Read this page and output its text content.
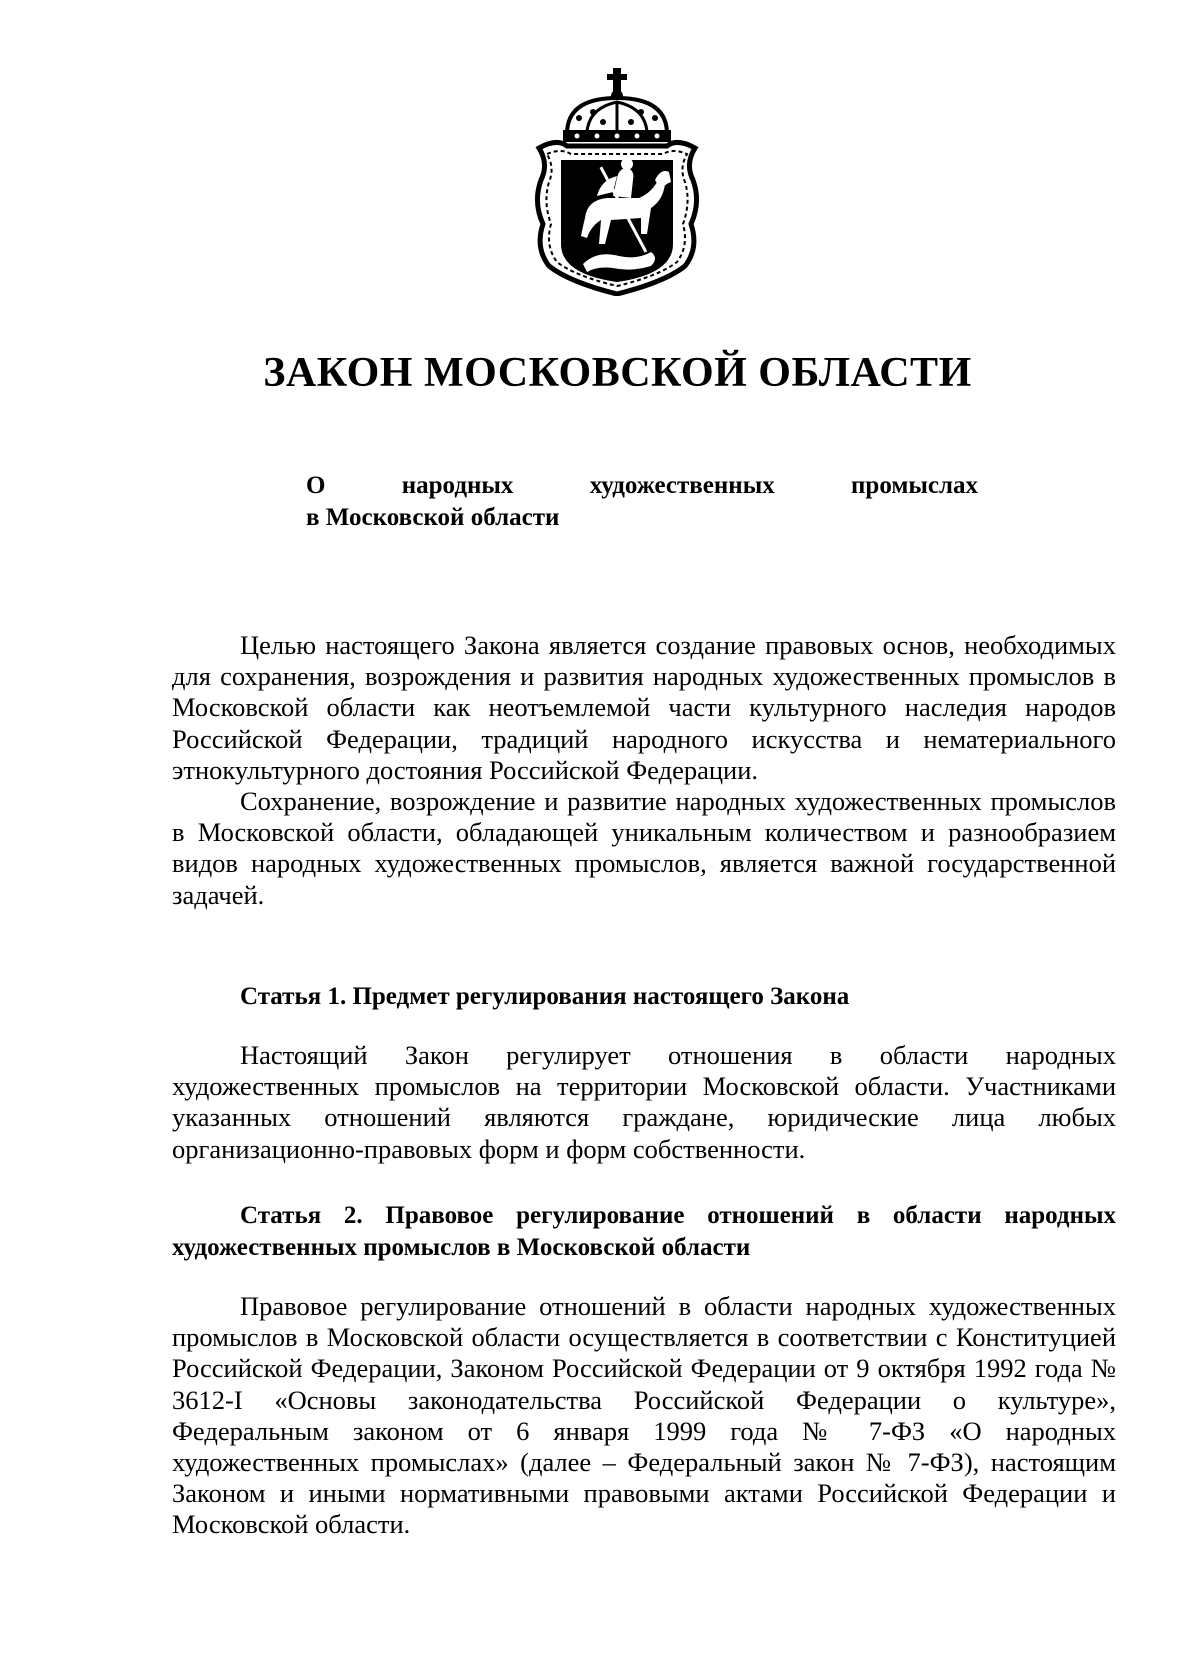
ЗАКОН МОСКОВСКОЙ ОБЛАСТИ
О	народных	художественных	промыслах
в Московской области

Целью настоящего Закона является создание правовых основ, необходимых для сохранения, возрождения и развития народных художественных промыслов в Московской области как неотъемлемой части культурного наследия народов Российской Федерации, традиций народного искусства и нематериального этнокультурного достояния Российской Федерации.

Сохранение, возрождение и развитие народных художественных промыслов в Московской области, обладающей уникальным количеством и разнообразием видов народных художественных промыслов, является важной государственной задачей.

Статья 1. Предмет регулирования настоящего Закона

Настоящий Закон регулирует отношения в области народных художественных промыслов на территории Московской области. Участниками указанных отношений являются граждане, юридические лица любых организационно-правовых форм и форм собственности.

Статья 2. Правовое регулирование отношений в области народных художественных промыслов в Московской области

Правовое регулирование отношений в области народных художественных промыслов в Московской области осуществляется в соответствии с Конституцией Российской Федерации, Законом Российской Федерации от 9 октября 1992 года № 3612-I «Основы законодательства Российской Федерации о культуре», Федеральным законом от 6 января 1999 года № 7-ФЗ «О народных художественных промыслах» (далее – Федеральный закон № 7-ФЗ), настоящим Законом и иными нормативными правовыми актами Российской Федерации и Московской области.
